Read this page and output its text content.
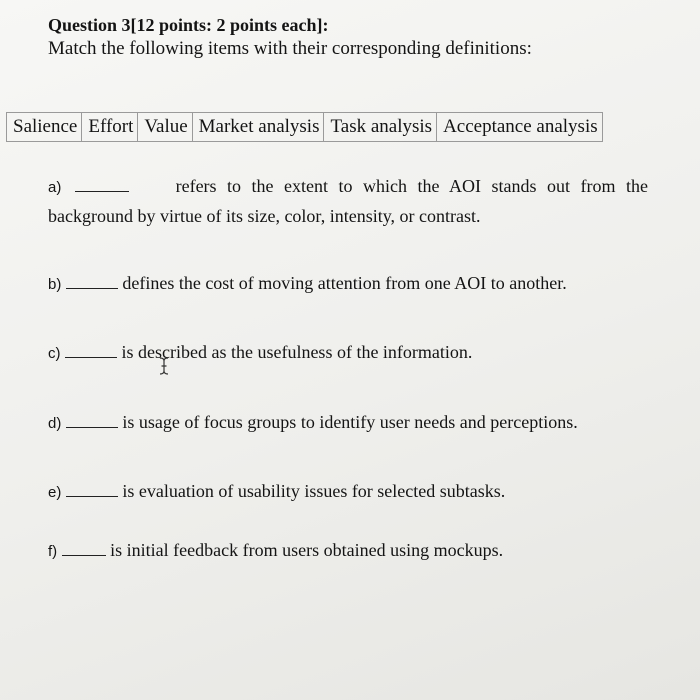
Question 3[12 points: 2 points each]:
Match the following items with their corresponding definitions:
Salience	Effort	Value	Market analysis	Task analysis	Acceptance analysis
a)	refers to the extent to which the AOI stands out from the
background by virtue of its size, color, intensity, or contrast.
b)	defines the cost of moving attention from one AOI to another.
c)	is described as the usefulness of the information.
d)	is usage of focus groups to identify user needs and perceptions.
e)	is evaluation of usability issues for selected subtasks.
f)	is initial feedback from users obtained using mockups.
